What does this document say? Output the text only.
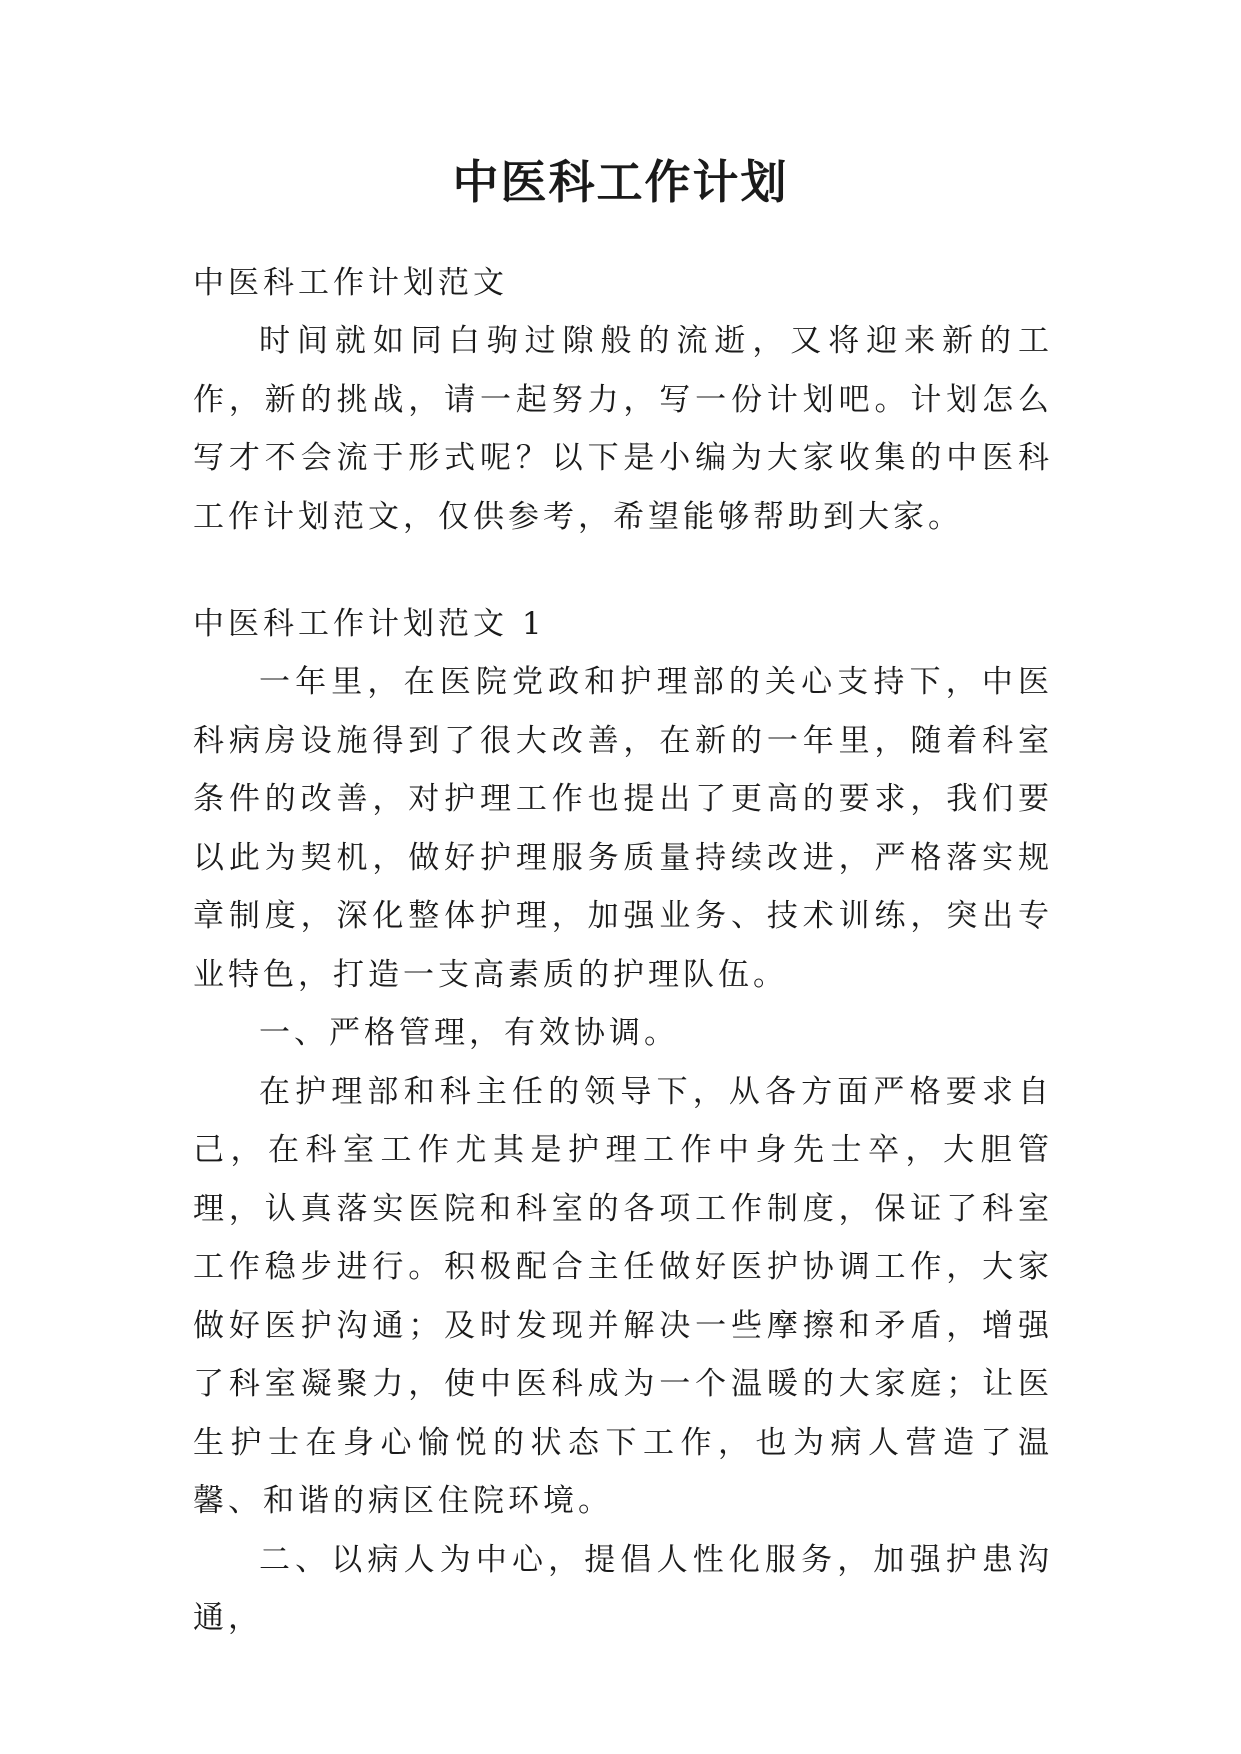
中医科工作计划
中医科工作计划范文

时间就如同白驹过隙般的流逝，又将迎来新的工作，新的挑战，请一起努力，写一份计划吧。计划怎么写才不会流于形式呢？以下是小编为大家收集的中医科工作计划范文，仅供参考，希望能够帮助到大家。

中医科工作计划范文 1

一年里，在医院党政和护理部的关心支持下，中医科病房设施得到了很大改善，在新的一年里，随着科室条件的改善，对护理工作也提出了更高的要求，我们要以此为契机，做好护理服务质量持续改进，严格落实规章制度，深化整体护理，加强业务、技术训练，突出专业特色，打造一支高素质的护理队伍。

一、严格管理，有效协调。

在护理部和科主任的领导下，从各方面严格要求自己，在科室工作尤其是护理工作中身先士卒，大胆管理，认真落实医院和科室的各项工作制度，保证了科室工作稳步进行。积极配合主任做好医护协调工作，大家做好医护沟通；及时发现并解决一些摩擦和矛盾，增强了科室凝聚力，使中医科成为一个温暖的大家庭；让医生护士在身心愉悦的状态下工作，也为病人营造了温馨、和谐的病区住院环境。

二、以病人为中心，提倡人性化服务，加强护患沟通，
